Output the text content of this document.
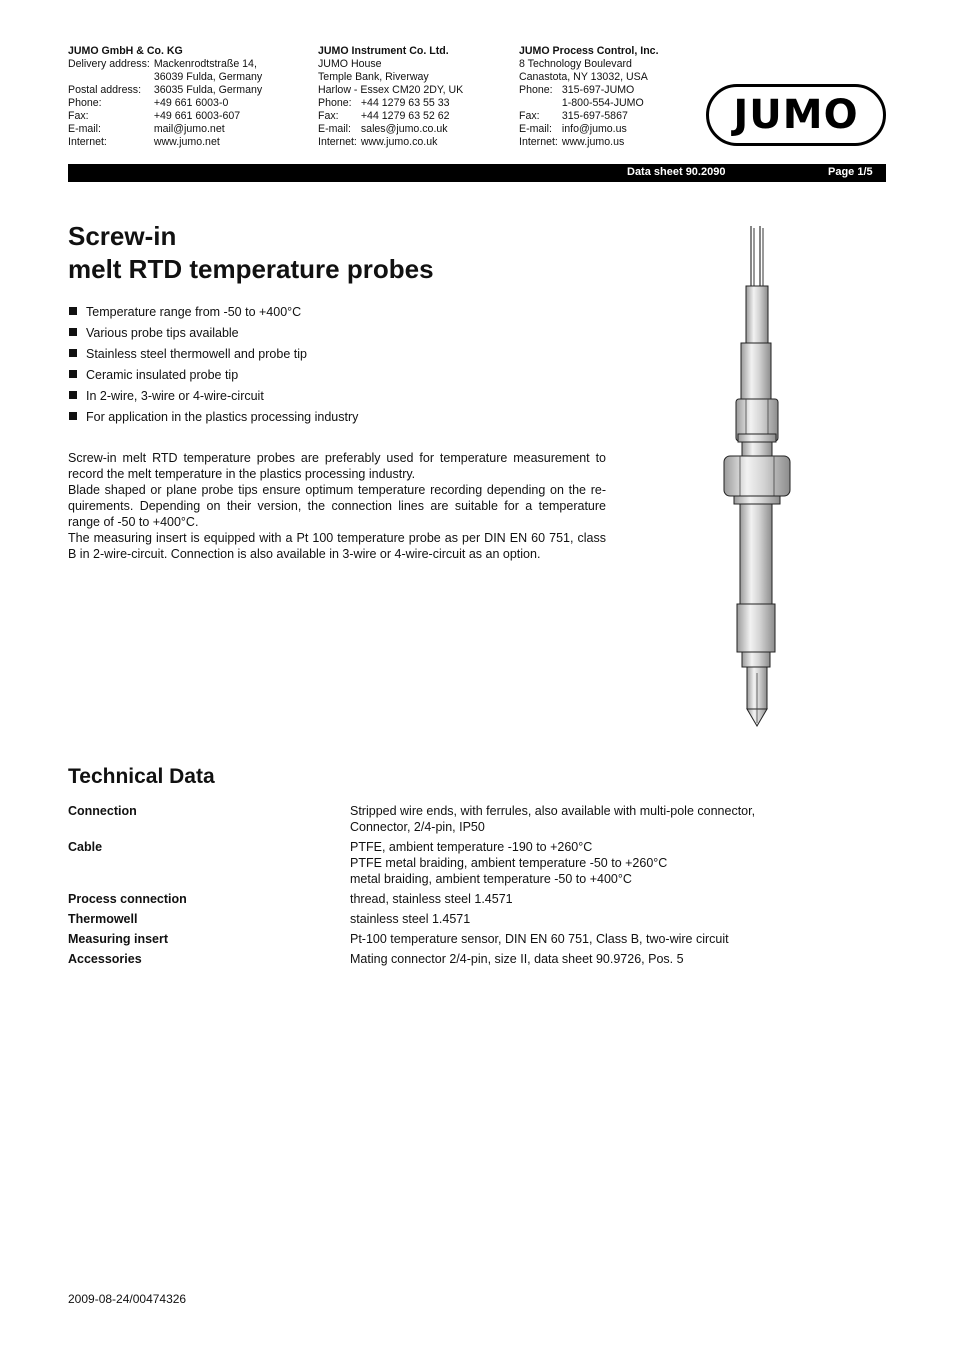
JUMO GmbH & Co. KG
Delivery address:	Mackenrodtstraße 14,
	36039 Fulda, Germany
Postal address:	36035 Fulda, Germany
Phone:	+49 661 6003-0
Fax:	+49 661 6003-607
E-mail:	mail@jumo.net
Internet:	www.jumo.net
JUMO Instrument Co. Ltd.
JUMO House
Temple Bank, Riverway
Harlow - Essex CM20 2DY, UK
Phone:	+44 1279 63 55 33
Fax:	+44 1279 63 52 62
E-mail:	sales@jumo.co.uk
Internet:	www.jumo.co.uk
JUMO Process Control, Inc.
8 Technology Boulevard
Canastota, NY 13032, USA
Phone:	315-697-JUMO
	1-800-554-JUMO
Fax:	315-697-5867
E-mail:	info@jumo.us
Internet:	www.jumo.us
JUMO
Data sheet 90.2090	Page 1/5
Screw-in
melt RTD temperature probes
Temperature range from -50 to +400°C
Various probe tips available
Stainless steel thermowell and probe tip
Ceramic insulated probe tip
In 2-wire, 3-wire or 4-wire-circuit
For application in the plastics processing industry

Screw-in melt RTD temperature probes are preferably used for temperature measurement to record the melt temperature in the plastics processing industry.

Blade shaped or plane probe tips ensure optimum temperature recording depending on the re-quirements. Depending on their version, the connection lines are suitable for a temperature range of -50 to +400°C.

The measuring insert is equipped with a Pt 100 temperature probe as per DIN EN 60 751, class B in 2-wire-circuit. Connection is also available in 3-wire or 4-wire-circuit as an option.

Technical Data
Connection	Stripped wire ends, with ferrules, also available with multi-pole connector,
Connector, 2/4-pin, IP50
Cable	PTFE, ambient temperature -190 to +260°C
PTFE metal braiding, ambient temperature -50 to +260°C
metal braiding, ambient temperature -50 to +400°C
Process connection	thread, stainless steel 1.4571
Thermowell	stainless steel 1.4571
Measuring insert	Pt-100 temperature sensor, DIN EN 60 751, Class B, two-wire circuit
Accessories	Mating connector 2/4-pin, size II, data sheet 90.9726, Pos. 5
2009-08-24/00474326
